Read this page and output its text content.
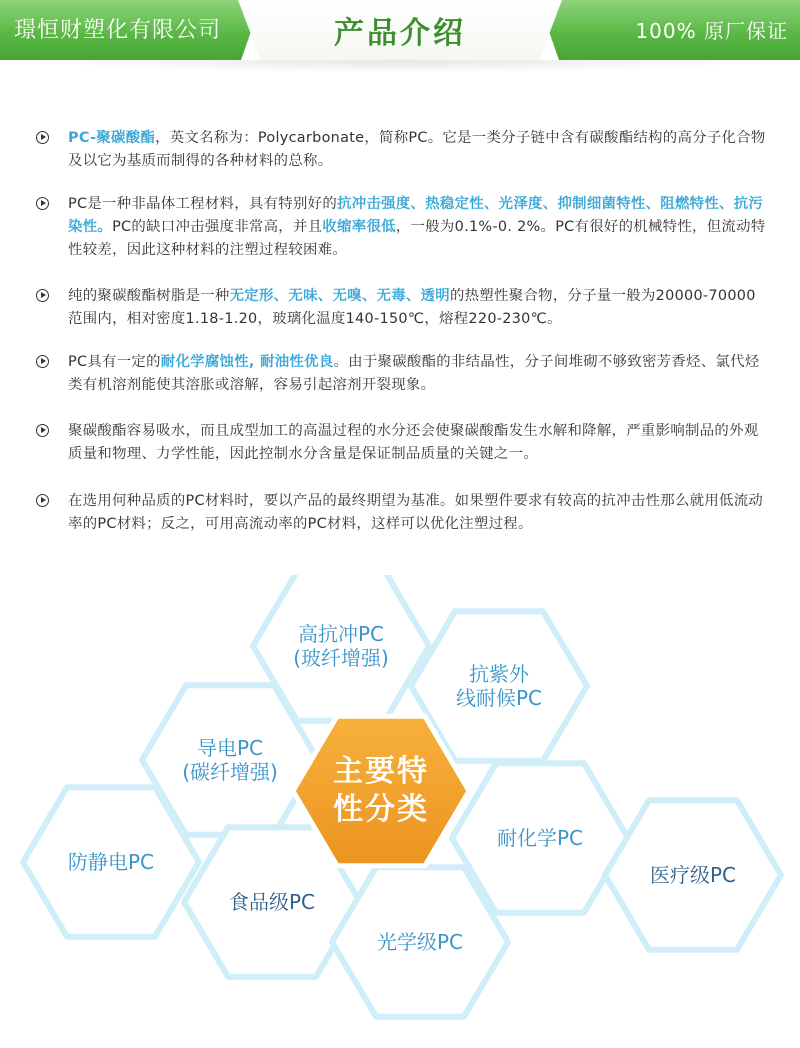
璟恒财塑化有限公司	产品介绍	100% 原厂保证
PC-聚碳酸酯，英文名称为：Polycarbonate，简称PC。它是一类分子链中含有碳酸酯结构的高分子化合物及以它为基质而制得的各种材料的总称。
PC是一种非晶体工程材料，具有特别好的抗冲击强度、热稳定性、光泽度、抑制细菌特性、阻燃特性、抗污染性。PC的缺口冲击强度非常高，并且收缩率很低，一般为0.1%-0. 2%。PC有很好的机械特性，但流动特性较差，因此这种材料的注塑过程较困难。
纯的聚碳酸酯树脂是一种无定形、无味、无嗅、无毒、透明的热塑性聚合物，分子量一般为20000-70000范围内，相对密度1.18-1.20，玻璃化温度140-150℃，熔程220-230℃。
PC具有一定的耐化学腐蚀性, 耐油性优良。由于聚碳酸酯的非结晶性，分子间堆砌不够致密芳香烃、氯代烃类有机溶剂能使其溶胀或溶解，容易引起溶剂开裂现象。
聚碳酸酯容易吸水，而且成型加工的高温过程的水分还会使聚碳酸酯发生水解和降解，严重影响制品的外观质量和物理、力学性能，因此控制水分含量是保证制品质量的关键之一。
在选用何种品质的PC材料时，要以产品的最终期望为基准。如果塑件要求有较高的抗冲击性那么就用低流动率的PC材料；反之，可用高流动率的PC材料，这样可以优化注塑过程。
高抗冲PC
(玻纤增强)
抗紫外
线耐候PC
导电PC
(碳纤增强)
防静电PC
耐化学PC
医疗级PC
食品级PC
光学级PC
主要特
性分类
